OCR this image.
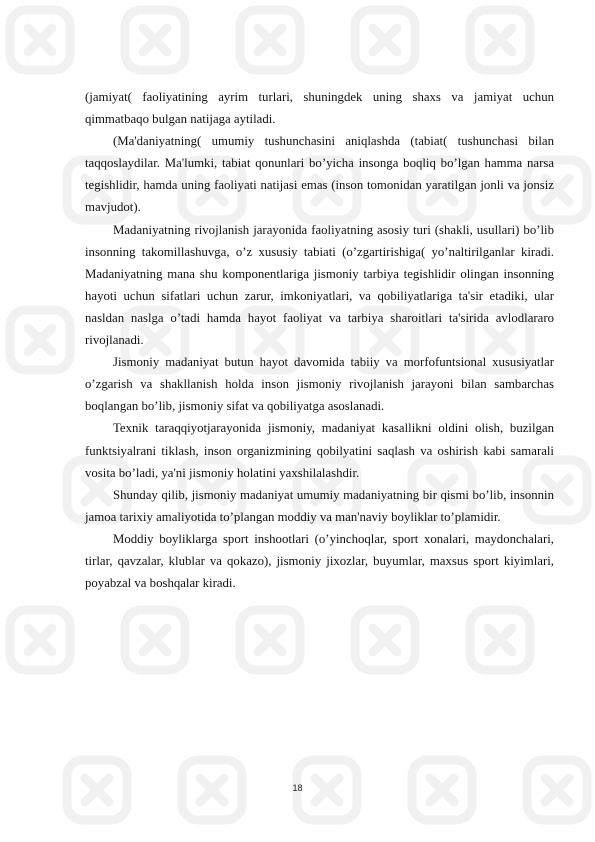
(jamiyat( faoliyatining ayrim turlari, shuningdek uning shaxs va jamiyat uchun qimmatbaqo bulgan natijaga aytiladi.

(Ma'daniyatning( umumiy tushunchasini aniqlashda (tabiat( tushunchasi bilan taqqoslaydilar. Ma'lumki, tabiat qonunlari bo’yicha insonga boqliq bo’lgan hamma narsa tegishlidir, hamda uning faoliyati natijasi emas (inson tomonidan yaratilgan jonli va jonsiz mavjudot).

Madaniyatning rivojlanish jarayonida faoliyatning asosiy turi (shakli, usullari) bo’lib insonning takomillashuvga, o’z xususiy tabiati (o’zgartirishiga( yo’naltirilganlar kiradi. Madaniyatning mana shu komponentlariga jismoniy tarbiya tegishlidir olingan insonning hayoti uchun sifatlari uchun zarur, imkoniyatlari, va qobiliyatlariga ta'sir etadiki, ular nasldan naslga o’tadi hamda hayot faoliyat va tarbiya sharoitlari ta'sirida avlodlararo rivojlanadi.

Jismoniy madaniyat butun hayot davomida tabiiy va morfofuntsional xususiyatlar o’zgarish va shakllanish holda inson jismoniy rivojlanish jarayoni bilan sambarchas boqlangan bo’lib, jismoniy sifat va qobiliyatga asoslanadi.

Texnik taraqqiyotjarayonida jismoniy, madaniyat kasallikni oldini olish, buzilgan funktsiyalrani tiklash, inson organizmining qobilyatini saqlash va oshirish kabi samarali vosita bo’ladi, ya'ni jismoniy holatini yaxshilalashdir.

Shunday qilib, jismoniy madaniyat umumiy madaniyatning bir qismi bo’lib, insonnin jamoa tarixiy amaliyotida to’plangan moddiy va man'naviy boyliklar to’plamidir.

Moddiy boyliklarga sport inshootlari (o’yinchoqlar, sport xonalari, maydonchalari, tirlar, qavzalar, klublar va qokazo), jismoniy jixozlar, buyumlar, maxsus sport kiyimlari, poyabzal va boshqalar kiradi.

18
